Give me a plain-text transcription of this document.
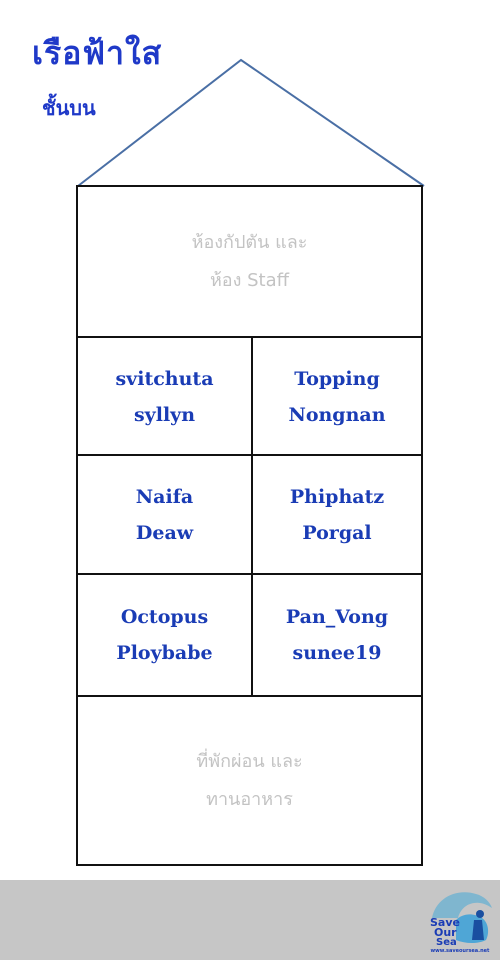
เรือฟ้าใส
ชั้นบน
ห้องกัปตัน และ
ห้อง Staff
svitchuta
syllyn
Topping
Nongnan
Naifa
Deaw
Phiphatz
Porgal
Octopus
Ploybabe
Pan_Vong
sunee19
ที่พักผ่อน และ
ทานอาหาร
Save
Our
Sea
www.saveoursea.net
